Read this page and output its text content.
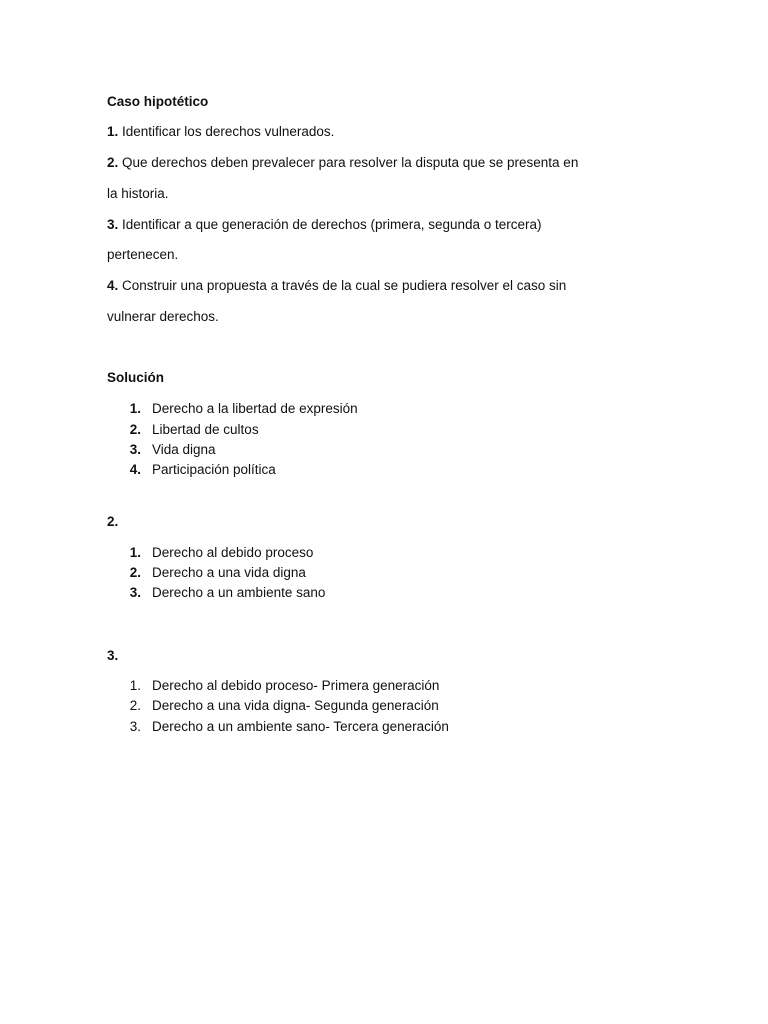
Caso hipotético

1. Identificar los derechos vulnerados.

2. Que derechos deben prevalecer para resolver la disputa que se presenta en

la historia.

3. Identificar a que generación de derechos (primera, segunda o tercera)

pertenecen.

4. Construir una propuesta a través de la cual se pudiera resolver el caso sin

vulnerar derechos.

Solución

1. Derecho a la libertad de expresión
2. Libertad de cultos
3. Vida digna
4. Participación política

2.

1. Derecho al debido proceso
2. Derecho a una vida digna
3. Derecho a un ambiente sano

3.

1. Derecho al debido proceso- Primera generación
2. Derecho a una vida digna- Segunda generación
3. Derecho a un ambiente sano- Tercera generación
